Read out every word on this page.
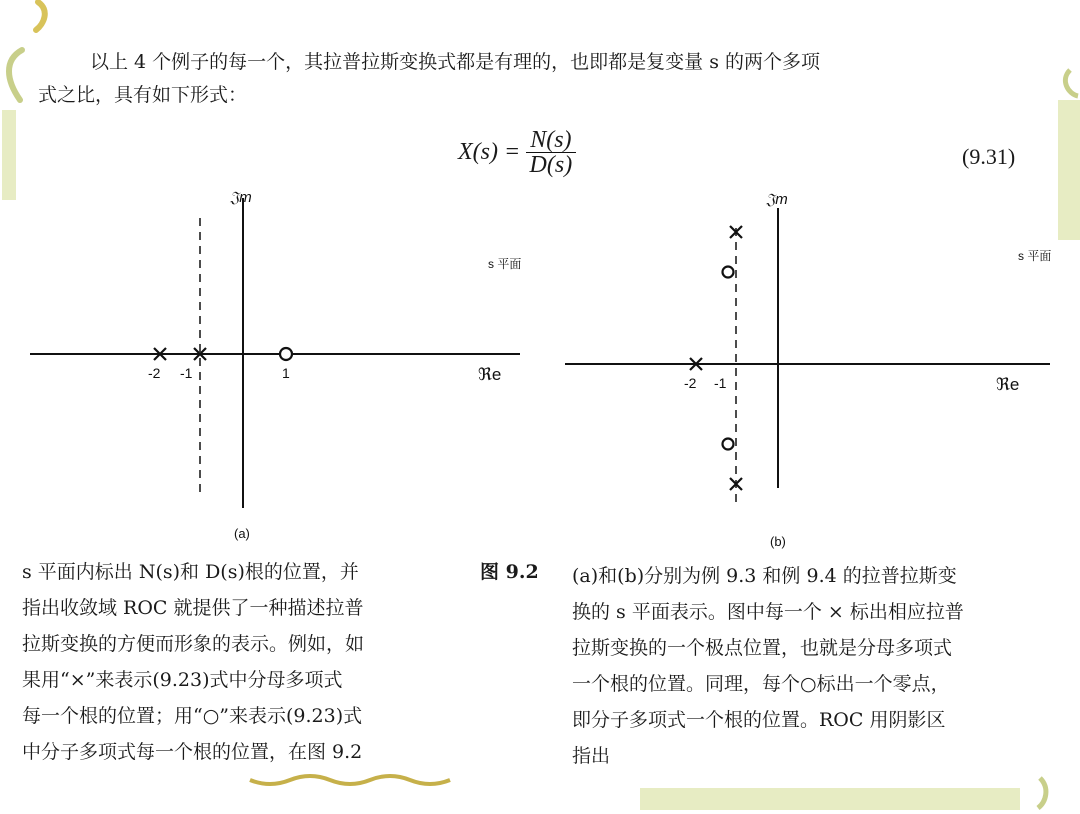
以上 4 个例子的每一个，其拉普拉斯变换式都是有理的，也即都是复变量 s 的两个多项
式之比，具有如下形式：
$X(s) = \frac{N(s)}{D(s)}$	(9.31)
𝔍m
ℜe
s 平面
-2 -1	1
(a)
𝔍m
ℜe
s 平面
-2 -1
(b)
s 平面内标出 N(s)和 D(s)根的位置，并
指出收敛域 ROC 就提供了一种描述拉普
拉斯变换的方便而形象的表示。例如，如
果用“×”来表示(9.23)式中分母多项式
每一个根的位置；用“○”来表示(9.23)式
中分子多项式每一个根的位置，在图 9.2
图 9.2 (a)和(b)分别为例 9.3 和例 9.4 的拉普拉斯变
换的 s 平面表示。图中每一个 × 标出相应拉普
拉斯变换的一个极点位置，也就是分母多项式
一个根的位置。同理，每个○标出一个零点，
即分子多项式一个根的位置。ROC 用阴影区
指出
